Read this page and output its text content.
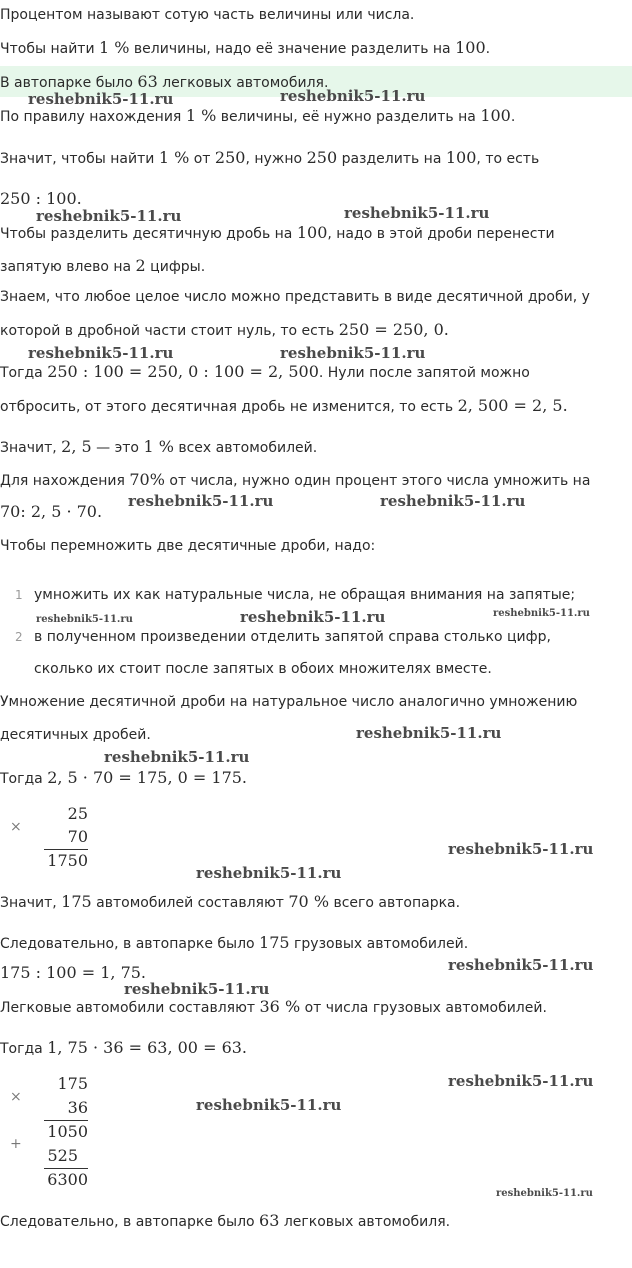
Процентом называют сотую часть величины или числа.
Чтобы найти 1 % величины, надо её значение разделить на 100.
В автопарке было 63 легковых автомобиля.
По правилу нахождения 1 % величины, её нужно разделить на 100.
Значит, чтобы найти 1 % от 250, нужно 250 разделить на 100, то есть
250 : 100.
Чтобы разделить десятичную дробь на 100, надо в этой дроби перенести
запятую влево на 2 цифры.
Знаем, что любое целое число можно представить в виде десятичной дроби, у
которой в дробной части стоит нуль, то есть 250 = 250, 0.
Тогда 250 : 100 = 250, 0 : 100 = 2, 500. Нули после запятой можно
отбросить, от этого десятичная дробь не изменится, то есть 2, 500 = 2, 5.
Значит, 2, 5 — это 1 % всех автомобилей.
Для нахождения 70% от числа, нужно один процент этого числа умножить на
70: 2, 5 · 70.
Чтобы перемножить две десятичные дроби, надо:
1 умножить их как натуральные числа, не обращая внимания на запятые;
2 в полученном произведении отделить запятой справа столько цифр,
сколько их стоит после запятых в обоих множителях вместе.
Умножение десятичной дроби на натуральное число аналогично умножению
десятичных дробей.
Тогда 2, 5 · 70 = 175, 0 = 175.
×
25
70
1750
Значит, 175 автомобилей составляют 70 % всего автопарка.
Следовательно, в автопарке было 175 грузовых автомобилей.
175 : 100 = 1, 75.
Легковые автомобили составляют 36 % от числа грузовых автомобилей.
Тогда 1, 75 · 36 = 63, 00 = 63.
×
175
36
1050
+
525
6300
Следовательно, в автопарке было 63 легковых автомобиля.
reshebnik5-11.ru	reshebnik5-11.ru
reshebnik5-11.ru	reshebnik5-11.ru
reshebnik5-11.ru	reshebnik5-11.ru
reshebnik5-11.ru	reshebnik5-11.ru
reshebnik5-11.ru	reshebnik5-11.ru	reshebnik5-11.ru
reshebnik5-11.ru
reshebnik5-11.ru
reshebnik5-11.ru
reshebnik5-11.ru
reshebnik5-11.ru
reshebnik5-11.ru
reshebnik5-11.ru
reshebnik5-11.ru
reshebnik5-11.ru
